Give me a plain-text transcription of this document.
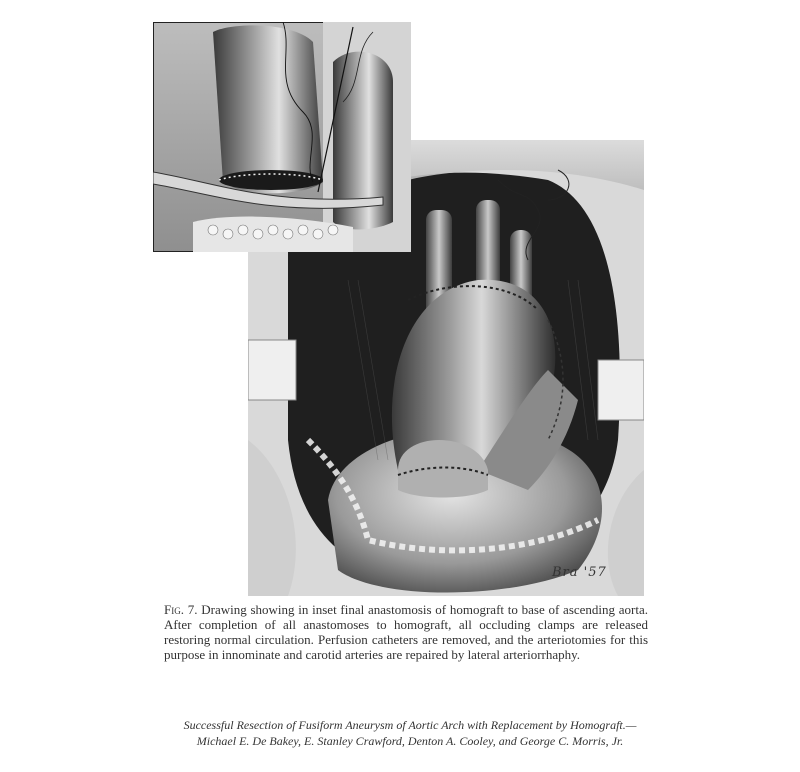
Bra '57
Fig. 7. Drawing showing in inset final anastomosis of homograft to base of ascending aorta. After completion of all anastomoses to homograft, all occluding clamps are released restoring normal circulation. Perfusion catheters are removed, and the arteriotomies for this purpose in innominate and carotid arteries are repaired by lateral arteriorrhaphy.
Successful Resection of Fusiform Aneurysm of Aortic Arch with Replacement by Homograft.—
Michael E. De Bakey, E. Stanley Crawford, Denton A. Cooley, and George C. Morris, Jr.
